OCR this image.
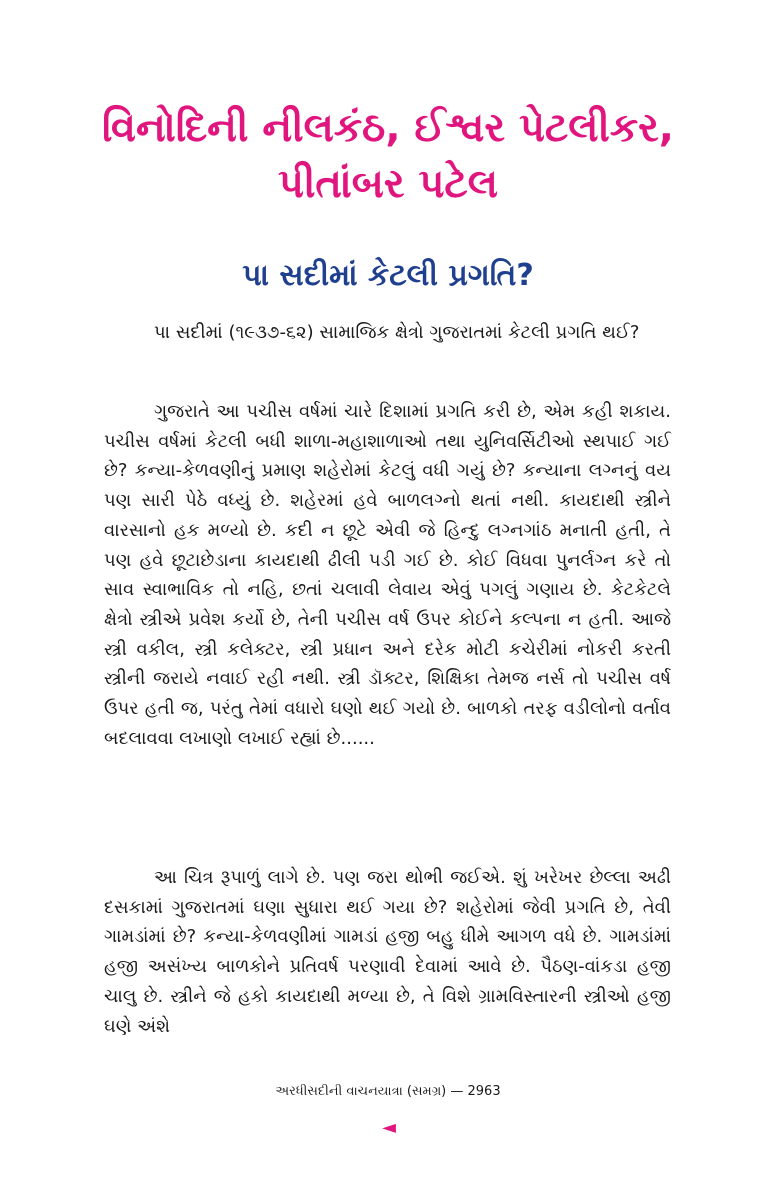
વિનોદિની નીલકંઠ, ઈશ્વર પેટલીકર,
પીતાંબર પટેલ
પા સદીમાં કેટલી પ્રગતિ?

પા સદીમાં (૧૯૩૭-૬૨) સામાજિક ક્ષેત્રો ગુજરાતમાં કેટલી પ્રગતિ થઈ?

ગુજરાતે આ પચીસ વર્ષમાં ચારે દિશામાં પ્રગતિ કરી છે, એમ કહી શકાય. પચીસ વર્ષમાં કેટલી બધી શાળા-મહાશાળાઓ તથા યુનિવર્સિટીઓ સ્થપાઈ ગઈ છે? કન્યા-કેળવણીનું પ્રમાણ શહેરોમાં કેટલું વધી ગયું છે? કન્યાના લગ્નનું વય પણ સારી પેઠે વધ્યું છે. શહેરમાં હવે બાળલગ્નો થતાં નથી. કાયદાથી સ્ત્રીને વારસાનો હક મળ્યો છે. કદી ન છૂટે એવી જે હિન્દુ લગ્નગાંઠ મનાતી હતી, તે પણ હવે છૂટાછેડાના કાયદાથી ઢીલી પડી ગઈ છે. કોઈ વિધવા પુનર્લગ્ન કરે તો સાવ સ્વાભાવિક તો નહિ, છતાં ચલાવી લેવાય એવું પગલું ગણાય છે. કેટકેટલે ક્ષેત્રો સ્ત્રીએ પ્રવેશ કર્યો છે, તેની પચીસ વર્ષ ઉપર કોઈને કલ્પના ન હતી. આજે સ્ત્રી વકીલ, સ્ત્રી કલેક્ટર, સ્ત્રી પ્રધાન અને દરેક મોટી કચેરીમાં નોકરી કરતી સ્ત્રીની જરાયે નવાઈ રહી નથી. સ્ત્રી ડૉક્ટર, શિક્ષિકા તેમજ નર્સ તો પચીસ વર્ષ ઉપર હતી જ, પરંતુ તેમાં વધારો ઘણો થઈ ગયો છે. બાળકો તરફ વડીલોનો વર્તાવ બદલાવવા લખાણો લખાઈ રહ્યાં છે......

આ ચિત્ર રૂપાળું લાગે છે. પણ જરા થોભી જઈએ. શું ખરેખર છેલ્લા અઢી દસકામાં ગુજરાતમાં ઘણા સુધારા થઈ ગયા છે? શહેરોમાં જેવી પ્રગતિ છે, તેવી ગામડાંમાં છે? કન્યા-કેળવણીમાં ગામડાં હજી બહુ ધીમે આગળ વધે છે. ગામડાંમાં હજી અસંખ્ય બાળકોને પ્રતિવર્ષ પરણાવી દેવામાં આવે છે. પૈઠણ-વાંકડા હજી ચાલુ છે. સ્ત્રીને જે હકો કાયદાથી મળ્યા છે, તે વિશે ગ્રામવિસ્તારની સ્ત્રીઓ હજી ઘણે અંશે

અરધીસદીની વાચનયાત્રા (સમગ્ર) — 2963
◄
